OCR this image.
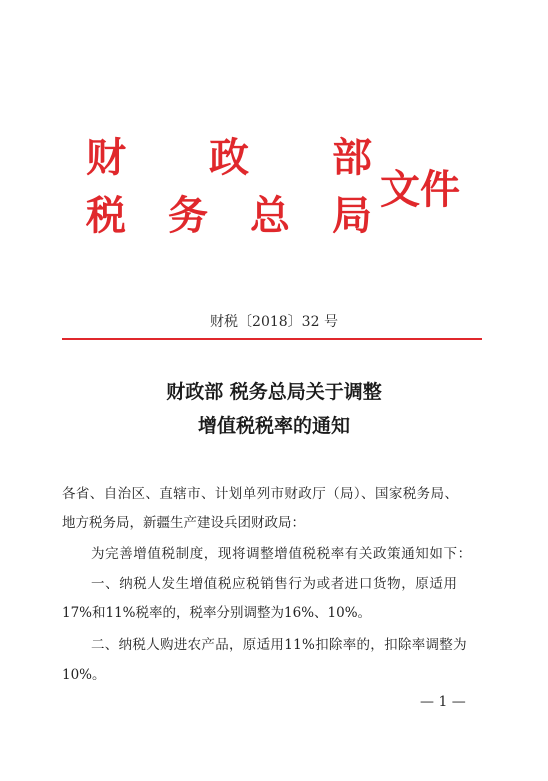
财　　政　　部
税　务　总　局
文件
财税〔2018〕32 号
财政部 税务总局关于调整
增值税税率的通知
各省、自治区、直辖市、计划单列市财政厅（局）、国家税务局、
地方税务局，新疆生产建设兵团财政局：
为完善增值税制度，现将调整增值税税率有关政策通知如下：
一、纳税人发生增值税应税销售行为或者进口货物，原适用
17%和11%税率的，税率分别调整为16%、10%。
二、纳税人购进农产品，原适用11%扣除率的，扣除率调整为
10%。
— 1 —
